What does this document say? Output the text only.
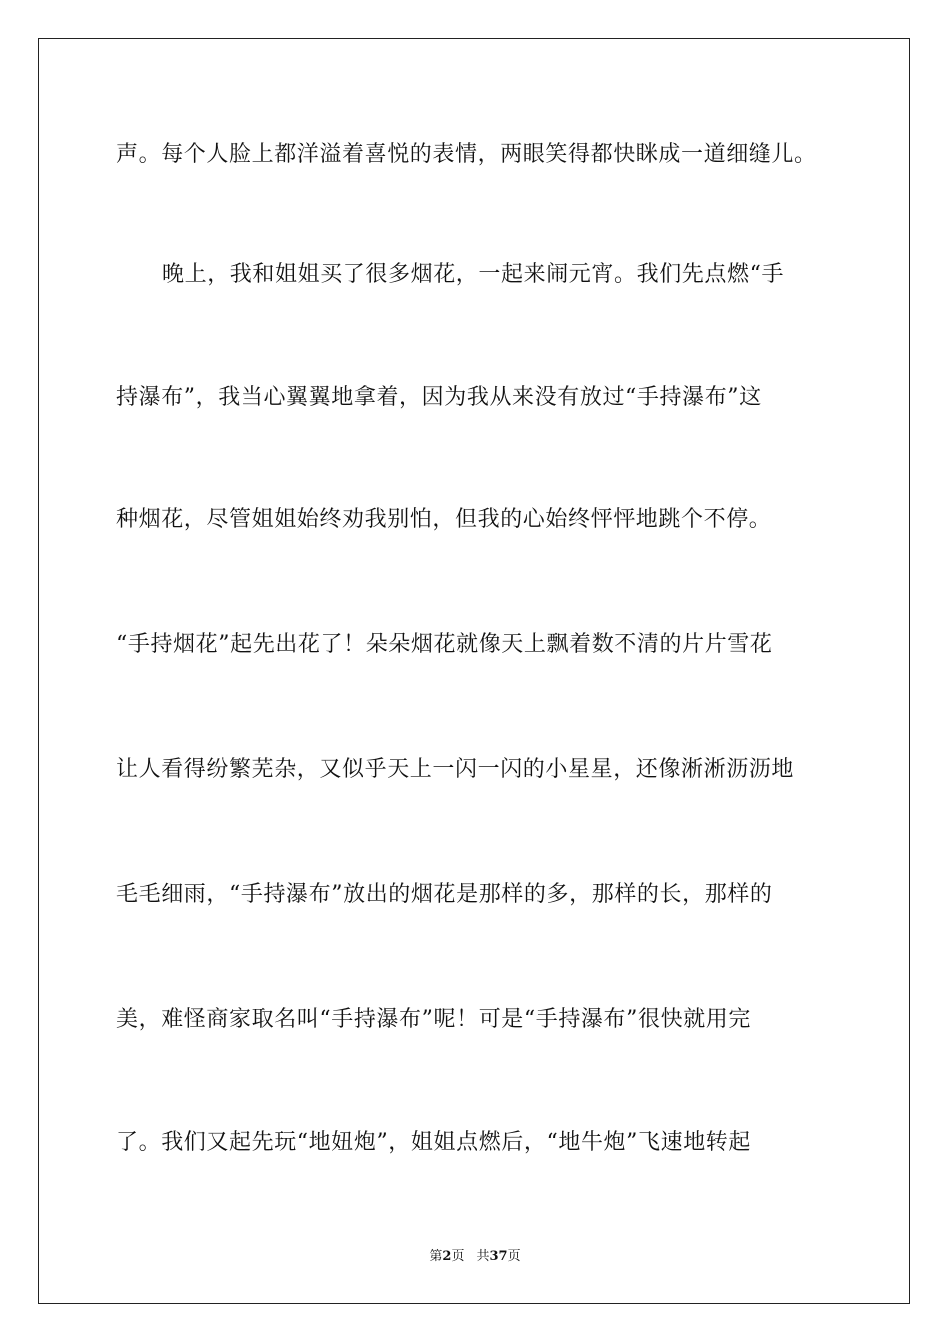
声。每个人脸上都洋溢着喜悦的表情，两眼笑得都快眯成一道细缝儿。
晚上，我和姐姐买了很多烟花，一起来闹元宵。我们先点燃“手
持瀑布”，我当心翼翼地拿着，因为我从来没有放过“手持瀑布”这
种烟花，尽管姐姐始终劝我别怕，但我的心始终怦怦地跳个不停。
“手持烟花”起先出花了！朵朵烟花就像天上飘着数不清的片片雪花
让人看得纷繁芜杂，又似乎天上一闪一闪的小星星，还像淅淅沥沥地
毛毛细雨，“手持瀑布”放出的烟花是那样的多，那样的长，那样的
美，难怪商家取名叫“手持瀑布”呢！可是“手持瀑布”很快就用完
了。我们又起先玩“地妞炮”，姐姐点燃后，“地牛炮”飞速地转起
第2页 共37页
